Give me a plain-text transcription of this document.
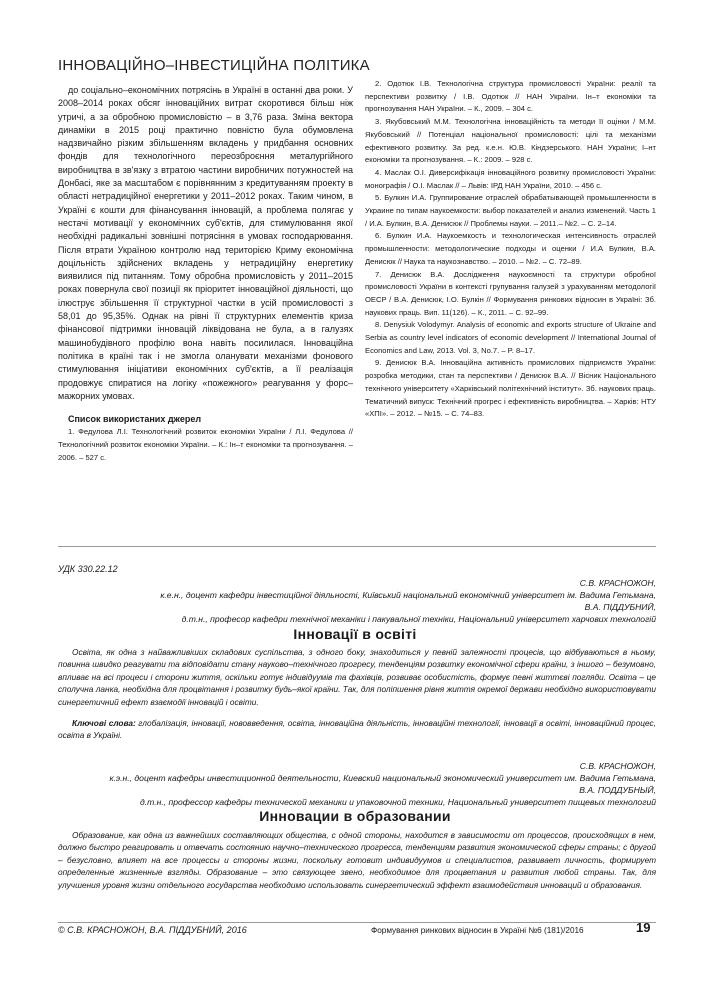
ІННОВАЦІЙНО–ІНВЕСТИЦІЙНА ПОЛІТИКА

до соціально–економічних потрясінь в Україні в останні два роки. У 2008–2014 роках обсяг інноваційних витрат скоротився більш ніж утричі, а за обробною промисловістю – в 3,76 раза. Зміна вектора динаміки в 2015 році практично повністю була обумовлена надзвичайно різким збільшенням вкладень у придбання основних фондів для технологічного переозброєння металургійного виробництва в зв'язку з втратою частини виробничих потужностей на Донбасі, яке за масштабом є порівнянним з кредитуванням проекту в області нетрадиційної енергетики у 2011–2012 роках. Таким чином, в Україні є кошти для фінансування інновацій, а проблема полягає у нестачі мотивації у економічних суб'єктів, для стимулювання якої необхідні радикальні зовнішні потрясіння в умовах господарювання. Після втрати Україною контролю над територією Криму економічна доцільність здійснених вкладень у нетрадиційну енергетику виявилися під питанням. Тому обробна промисловість у 2011–2015 роках повернула свої позиції як пріоритет інноваційної діяльності, що ілюструє збільшення її структурної частки в усій промисловості з 58,01 до 95,35%. Однак на рівні її структурних елементів криза фінансової підтримки інновацій ліквідована не була, а в галузях машинобудівного профілю вона навіть посилилася. Інноваційна політика в країні так і не змогла оланувати механізми фонового стимулювання ініціативи економічних суб'єктів, а її реалізація продовжує спиратися на логіку «пожежного» реагування у форс–мажорних умовах.

Список використаних джерел

1. Федулова Л.І. Технологічний розвиток економіки України / Л.І. Федулова // Технологічний розвиток економіки України. – К.: Ін–т економіки та прогнозування. – 2006. – 527 с.

2. Одотюк І.В. Технологічна структура промисловості України: реалії та перспективи розвитку / І.В. Одотюк // НАН України. Ін–т економіки та прогнозування НАН України. – К., 2009. – 304 с.

3. Якубовський М.М. Технологічна інноваційність та методи її оцінки / М.М. Якубовський // Потенціал національної промисловості: цілі та механізми ефективного розвитку. За ред. к.е.н. Ю.В. Кіндзерського. НАН України; І–нт економіки та прогнозування. – К.: 2009. – 928 с.

4. Маслак О.І. Диверсифікація інноваційного розвитку промисловості України: монографія / О.І. Маслак // – Львів: ІРД НАН України, 2010. – 456 с.

5. Булкин И.А. Группирование отраслей обрабатывающей промышленности в Украине по типам наукоемкости: выбор показателей и анализ изменений. Часть 1 / И.А. Булкин, В.А. Денисюк // Проблемы науки. – 2011.– №2. – С. 2–14.

6. Булкин И.А. Наукоемкость и технологическая интенсивность отраслей промышленности: методологические подходы и оценки / И.А Булкин, В.А. Денисюк // Наука та наукознавство. – 2010. – №2. – С. 72–89.

7. Денисюк В.А. Дослідження наукоємності та структури обробної промисловості України в контексті групування галузей з урахуванням методології OECP / В.А. Денисюк, І.О. Булкін // Формування ринкових відносин в Україні: Зб. наукових праць. Вип. 11(126). – К., 2011. – С. 92–99.

8. Denysiuk Volodymyr. Analysis of economic and exports structure of Ukraine and Serbia as country level indicators of economic development // International Journal of Economics and Law, 2013. Vol. 3, No.7. – P. 8–17.

9. Денисюк В.А. Інноваційна активність промислових підприємств України: розробка методики, стан та перспективи / Денисюк В.А. // Вісник Національного технічного університету «Харківський політехнічний інститут». Зб. наукових праць. Тематичний випуск: Технічний прогрес і ефективність виробництва. – Харків: НТУ «ХПІ». – 2012. – №15. – С. 74–83.

УДК 330.22.12
С.В. КРАСНОЖОН,
к.е.н., доцент кафедри інвестиційної діяльності, Київський національний економічний університет ім. Вадима Гетьмана,
В.А. ПІДДУБНИЙ,
д.т.н., професор кафедри технічної механіки і пакувальної техніки, Національний університет харчових технологій
Інновації в освіті

Освіта, як одна з найважливіших складових суспільства, з одного боку, знаходиться у певній залежності процесів, що відбуваються в ньому, повинна швидко реагувати та відповідати стану науково–технічного прогресу, тенденціям розвитку економічної сфери країни, з іншого – безумовно, впливає на всі процеси і сторони життя, оскільки готує індивідуумів та фахівців, розвиває особистість, формує певні життєві погляди. Освіта – це сполучна ланка, необхідна для процвітання і розвитку будь–якої країни. Так, для поліпшення рівня життя окремої держави необхідно використовувати синергетичний ефект взаємодії інновацій і освіти.

Ключові слова: глобалізація, інновації, нововведення, освіта, інноваційна діяльність, інноваційні технології, інновації в освіті, інноваційний процес, освіта в Україні.

С.В. КРАСНОЖОН,
к.э.н., доцент кафедры инвестиционной деятельности, Киевский национальный экономический университет им. Вадима Гетьмана,
В.А. ПОДДУБНЫЙ,
д.т.н., профессор кафедры технической механики и упаковочной техники, Национальный университет пищевых технологий
Инновации в образовании

Образование, как одна из важнейших составляющих общества, с одной стороны, находится в зависимости от процессов, происходящих в нем, должно быстро реагировать и отвечать состоянию научно–технического прогресса, тенденциям развития экономической сферы страны; с другой – безусловно, влияет на все процессы и стороны жизни, поскольку готовит индивидуумов и специалистов, развивает личность, формирует определенные жизненные взгляды. Образование – это связующее звено, необходимое для процветания и развития любой страны. Так, для улучшения уровня жизни отдельного государства необходимо использовать синергетический эффект взаимодействия инноваций и образования.

© С.В. КРАСНОЖОН, В.А. ПІДДУБНИЙ, 2016	Формування ринкових відносин в Україні №6 (181)/2016	19
